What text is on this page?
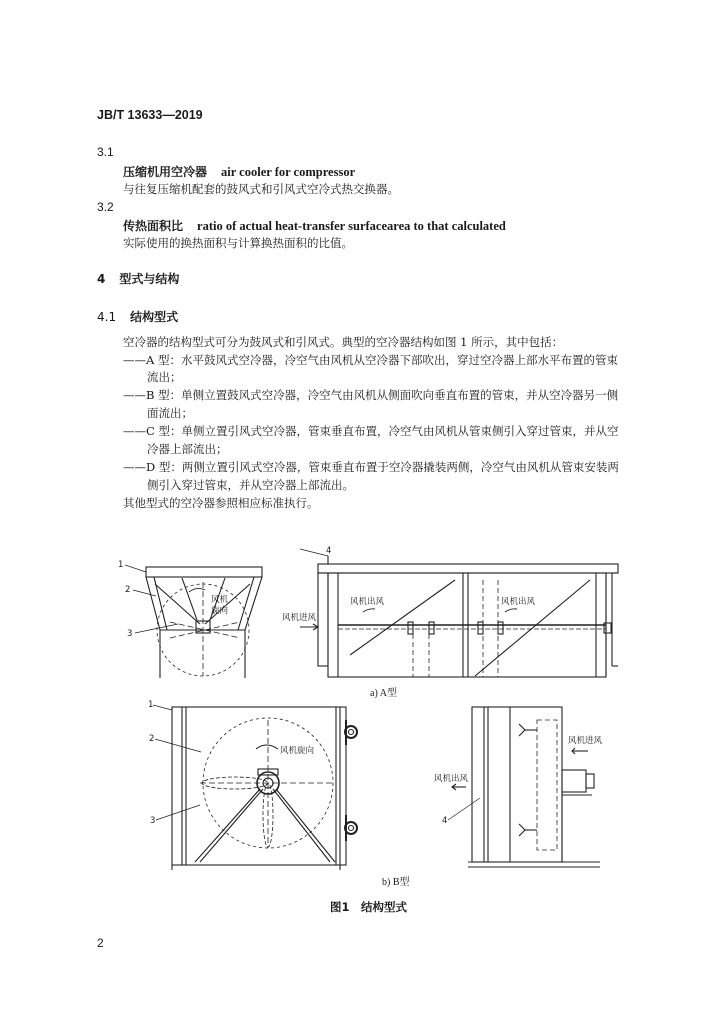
JB/T 13633—2019
3.1
压缩机用空冷器 air cooler for compressor
与往复压缩机配套的鼓风式和引风式空冷式热交换器。
3.2
传热面积比 ratio of actual heat-transfer surfacearea to that calculated
实际使用的换热面积与计算换热面积的比值。
4 型式与结构
4.1 结构型式
空冷器的结构型式可分为鼓风式和引风式。典型的空冷器结构如图 1 所示，其中包括：
——A 型：水平鼓风式空冷器，冷空气由风机从空冷器下部吹出，穿过空冷器上部水平布置的管束
流出；
——B 型：单侧立置鼓风式空冷器，冷空气由风机从侧面吹向垂直布置的管束，并从空冷器另一侧
面流出；
——C 型：单侧立置引风式空冷器，管束垂直布置，冷空气由风机从管束侧引入穿过管束，并从空
冷器上部流出；
——D 型：两侧立置引风式空冷器，管束垂直布置于空冷器撬装两侧，冷空气由风机从管束安装两
侧引入穿过管束，并从空冷器上部流出。
其他型式的空冷器参照相应标准执行。
1
2
3
4
风机
旋向
风机出风	风机出风
风机进风
a) A型
1
2
3
风机旋向
风机进风
风机出风
4
b) B型
图1　结构型式
2
